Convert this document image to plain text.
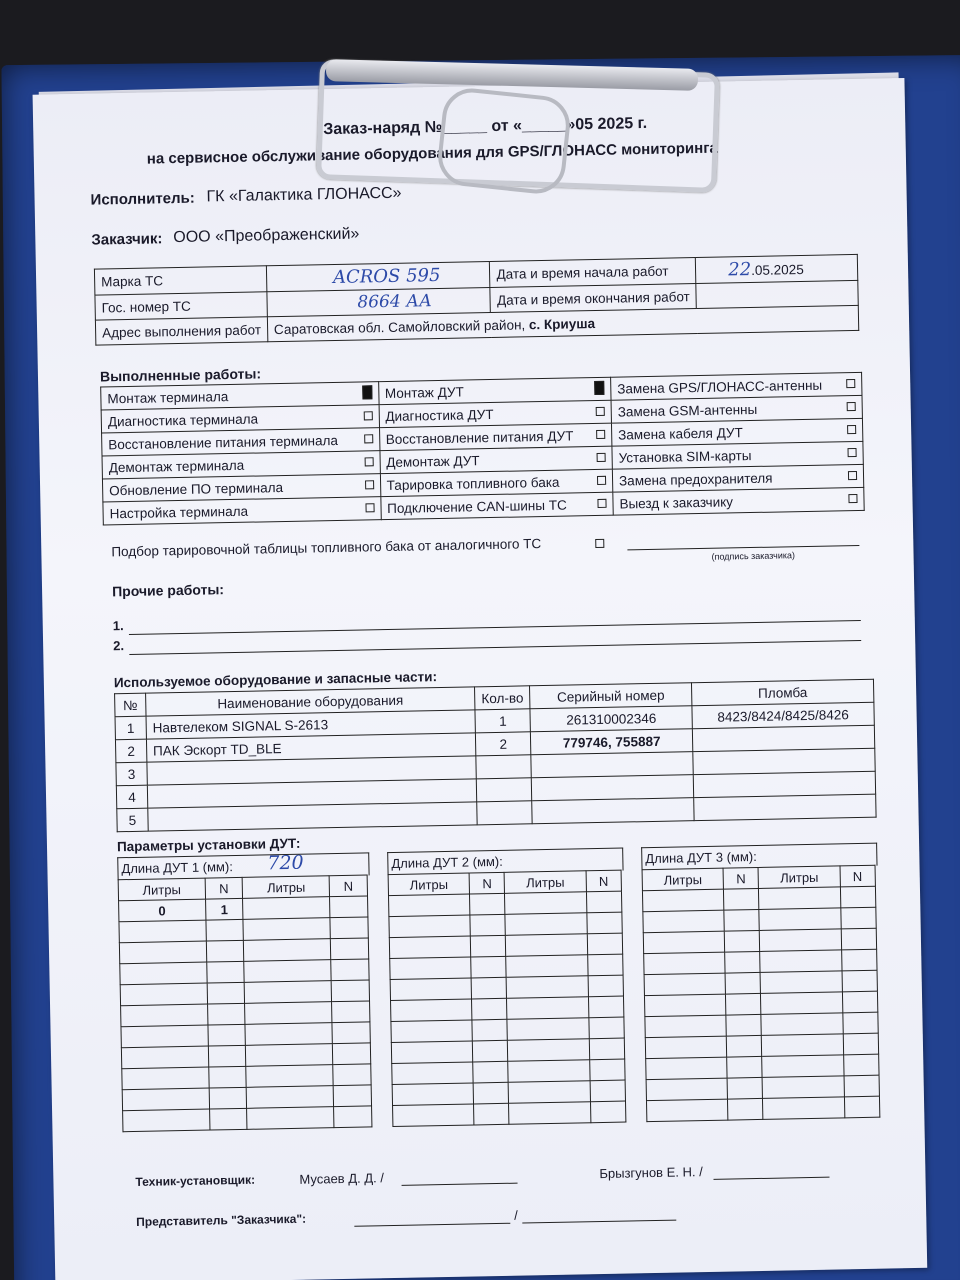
Заказ-наряд №_____ от «_____»05 2025 г.
на сервисное обслуживание оборудования для GPS/ГЛОНАСС мониторинга
Исполнитель: ГК «Галактика ГЛОНАСС»
Заказчик: ООО «Преображенский»
Марка ТС	ACROS 595	Дата и время начала работ	22.05.2025
Гос. номер ТС	8664 АА	Дата и время окончания работ	
Адрес выполнения работ	Саратовская обл. Самойловский район, с. Криуша		
Выполненные работы:
Монтаж терминала	Монтаж ДУТ	Замена GPS/ГЛОНАСС-антенны

Диагностика терминала	Диагностика ДУТ	Замена GSM-антенны

Восстановление питания терминала	Восстановление питания ДУТ	Замена кабеля ДУТ

Демонтаж терминала	Демонтаж ДУТ	Установка SIM-карты

Обновление ПО терминала	Тарировка топливного бака	Замена предохранителя

Настройка терминала	Подключение CAN-шины ТС	Выезд к заказчику
Подбор тарировочной таблицы топливного бака от аналогичного ТС	(подпись заказчика)
Прочие работы:
1.
2.
Используемое оборудование и запасные части:
№	Наименование оборудования	Кол-во	Серийный номер	Пломба
1	Навтелеком SIGNAL S-2613	1	261310002346	8423/8424/8425/8426
2	ПАК Эскорт TD_BLE	2	779746, 755887	
3				
4				
5				
Параметры установки ДУТ:
Длина ДУТ 1 (мм): 720
Литры	N	Литры	N
0	1		

Длина ДУТ 2 (мм):
Литры	N	Литры	N

Длина ДУТ 3 (мм):
Литры	N	Литры	N

Техник-установщик:	Мусаев Д. Д. /	Брызгунов Е. Н. /
Представитель "Заказчика":	/
